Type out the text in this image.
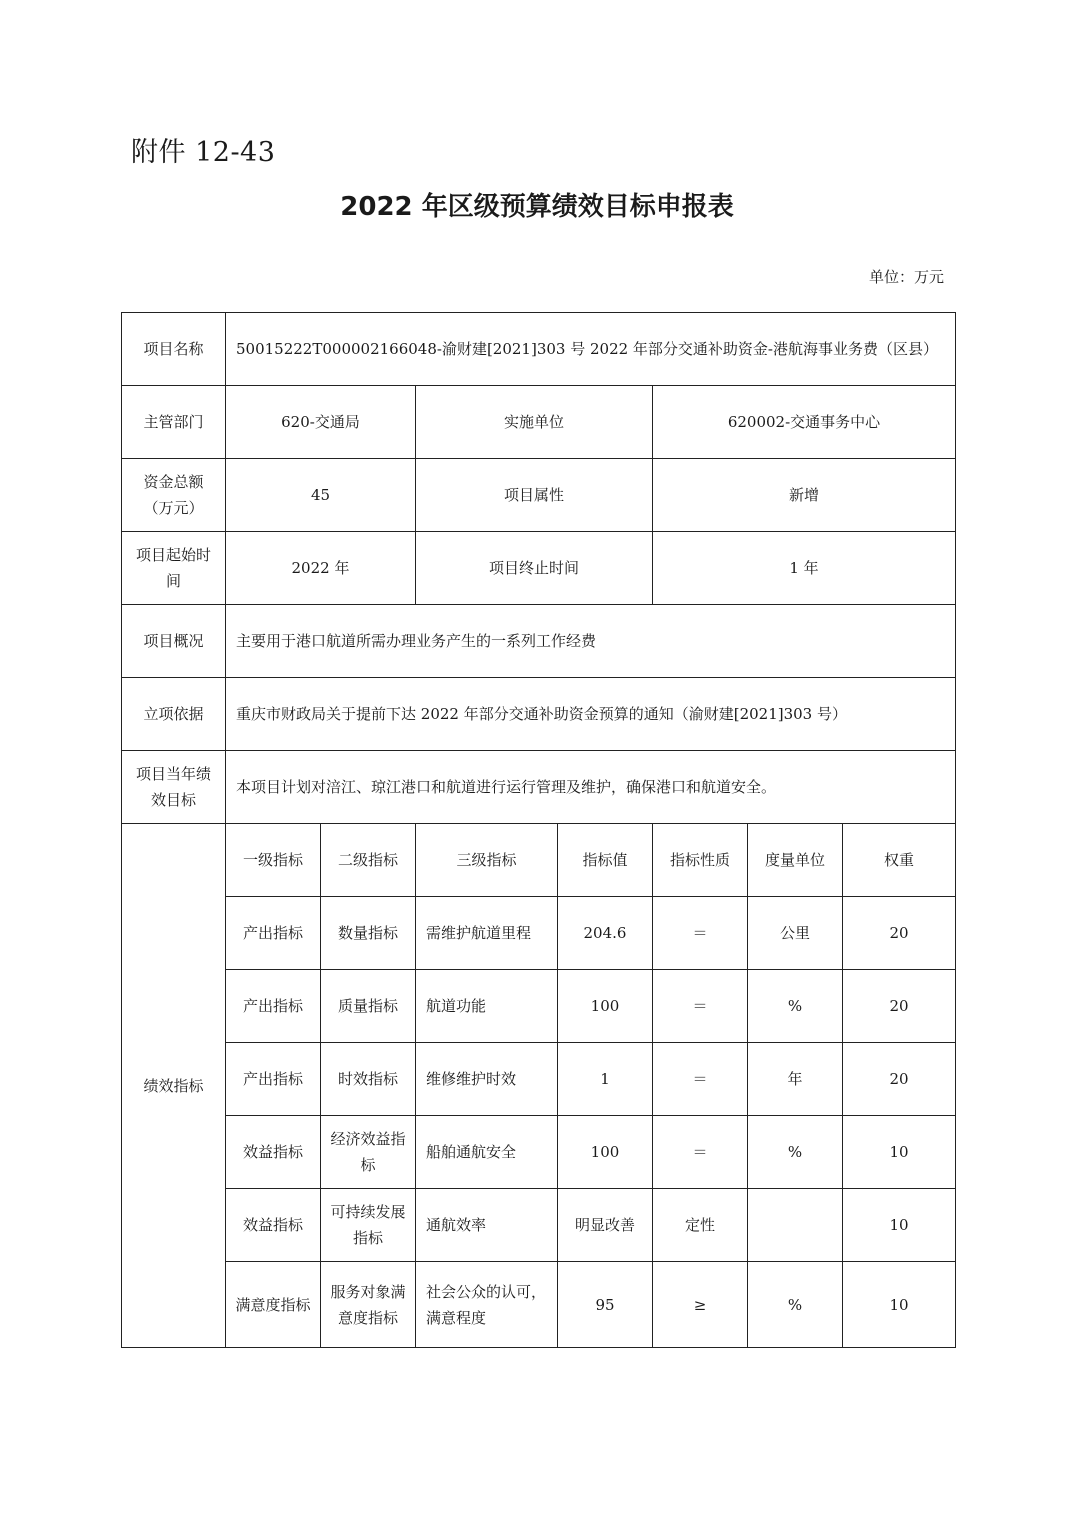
附件 12-43
2022 年区级预算绩效目标申报表
单位：万元
项目名称	50015222T000002166048-渝财建[2021]303 号 2022 年部分交通补助资金-港航海事业务费（区县）						
主管部门	620-交通局		实施单位		620002-交通事务中心		
资金总额（万元）	45		项目属性		新增		
项目起始时间	2022 年		项目终止时间		1 年		
项目概况	主要用于港口航道所需办理业务产生的一系列工作经费						
立项依据	重庆市财政局关于提前下达 2022 年部分交通补助资金预算的通知（渝财建[2021]303 号）						
项目当年绩效目标	本项目计划对涪江、琼江港口和航道进行运行管理及维护，确保港口和航道安全。						
绩效指标	一级指标	二级指标	三级指标	指标值	指标性质	度量单位	权重
	产出指标	数量指标	需维护航道里程	204.6	＝	公里	20
	产出指标	质量指标	航道功能	100	＝	%	20
	产出指标	时效指标	维修维护时效	1	＝	年	20
	效益指标	经济效益指标	船舶通航安全	100	＝	%	10
	效益指标	可持续发展指标	通航效率	明显改善	定性		10
	满意度指标	服务对象满意度指标	社会公众的认可，满意程度	95	≥	%	10
